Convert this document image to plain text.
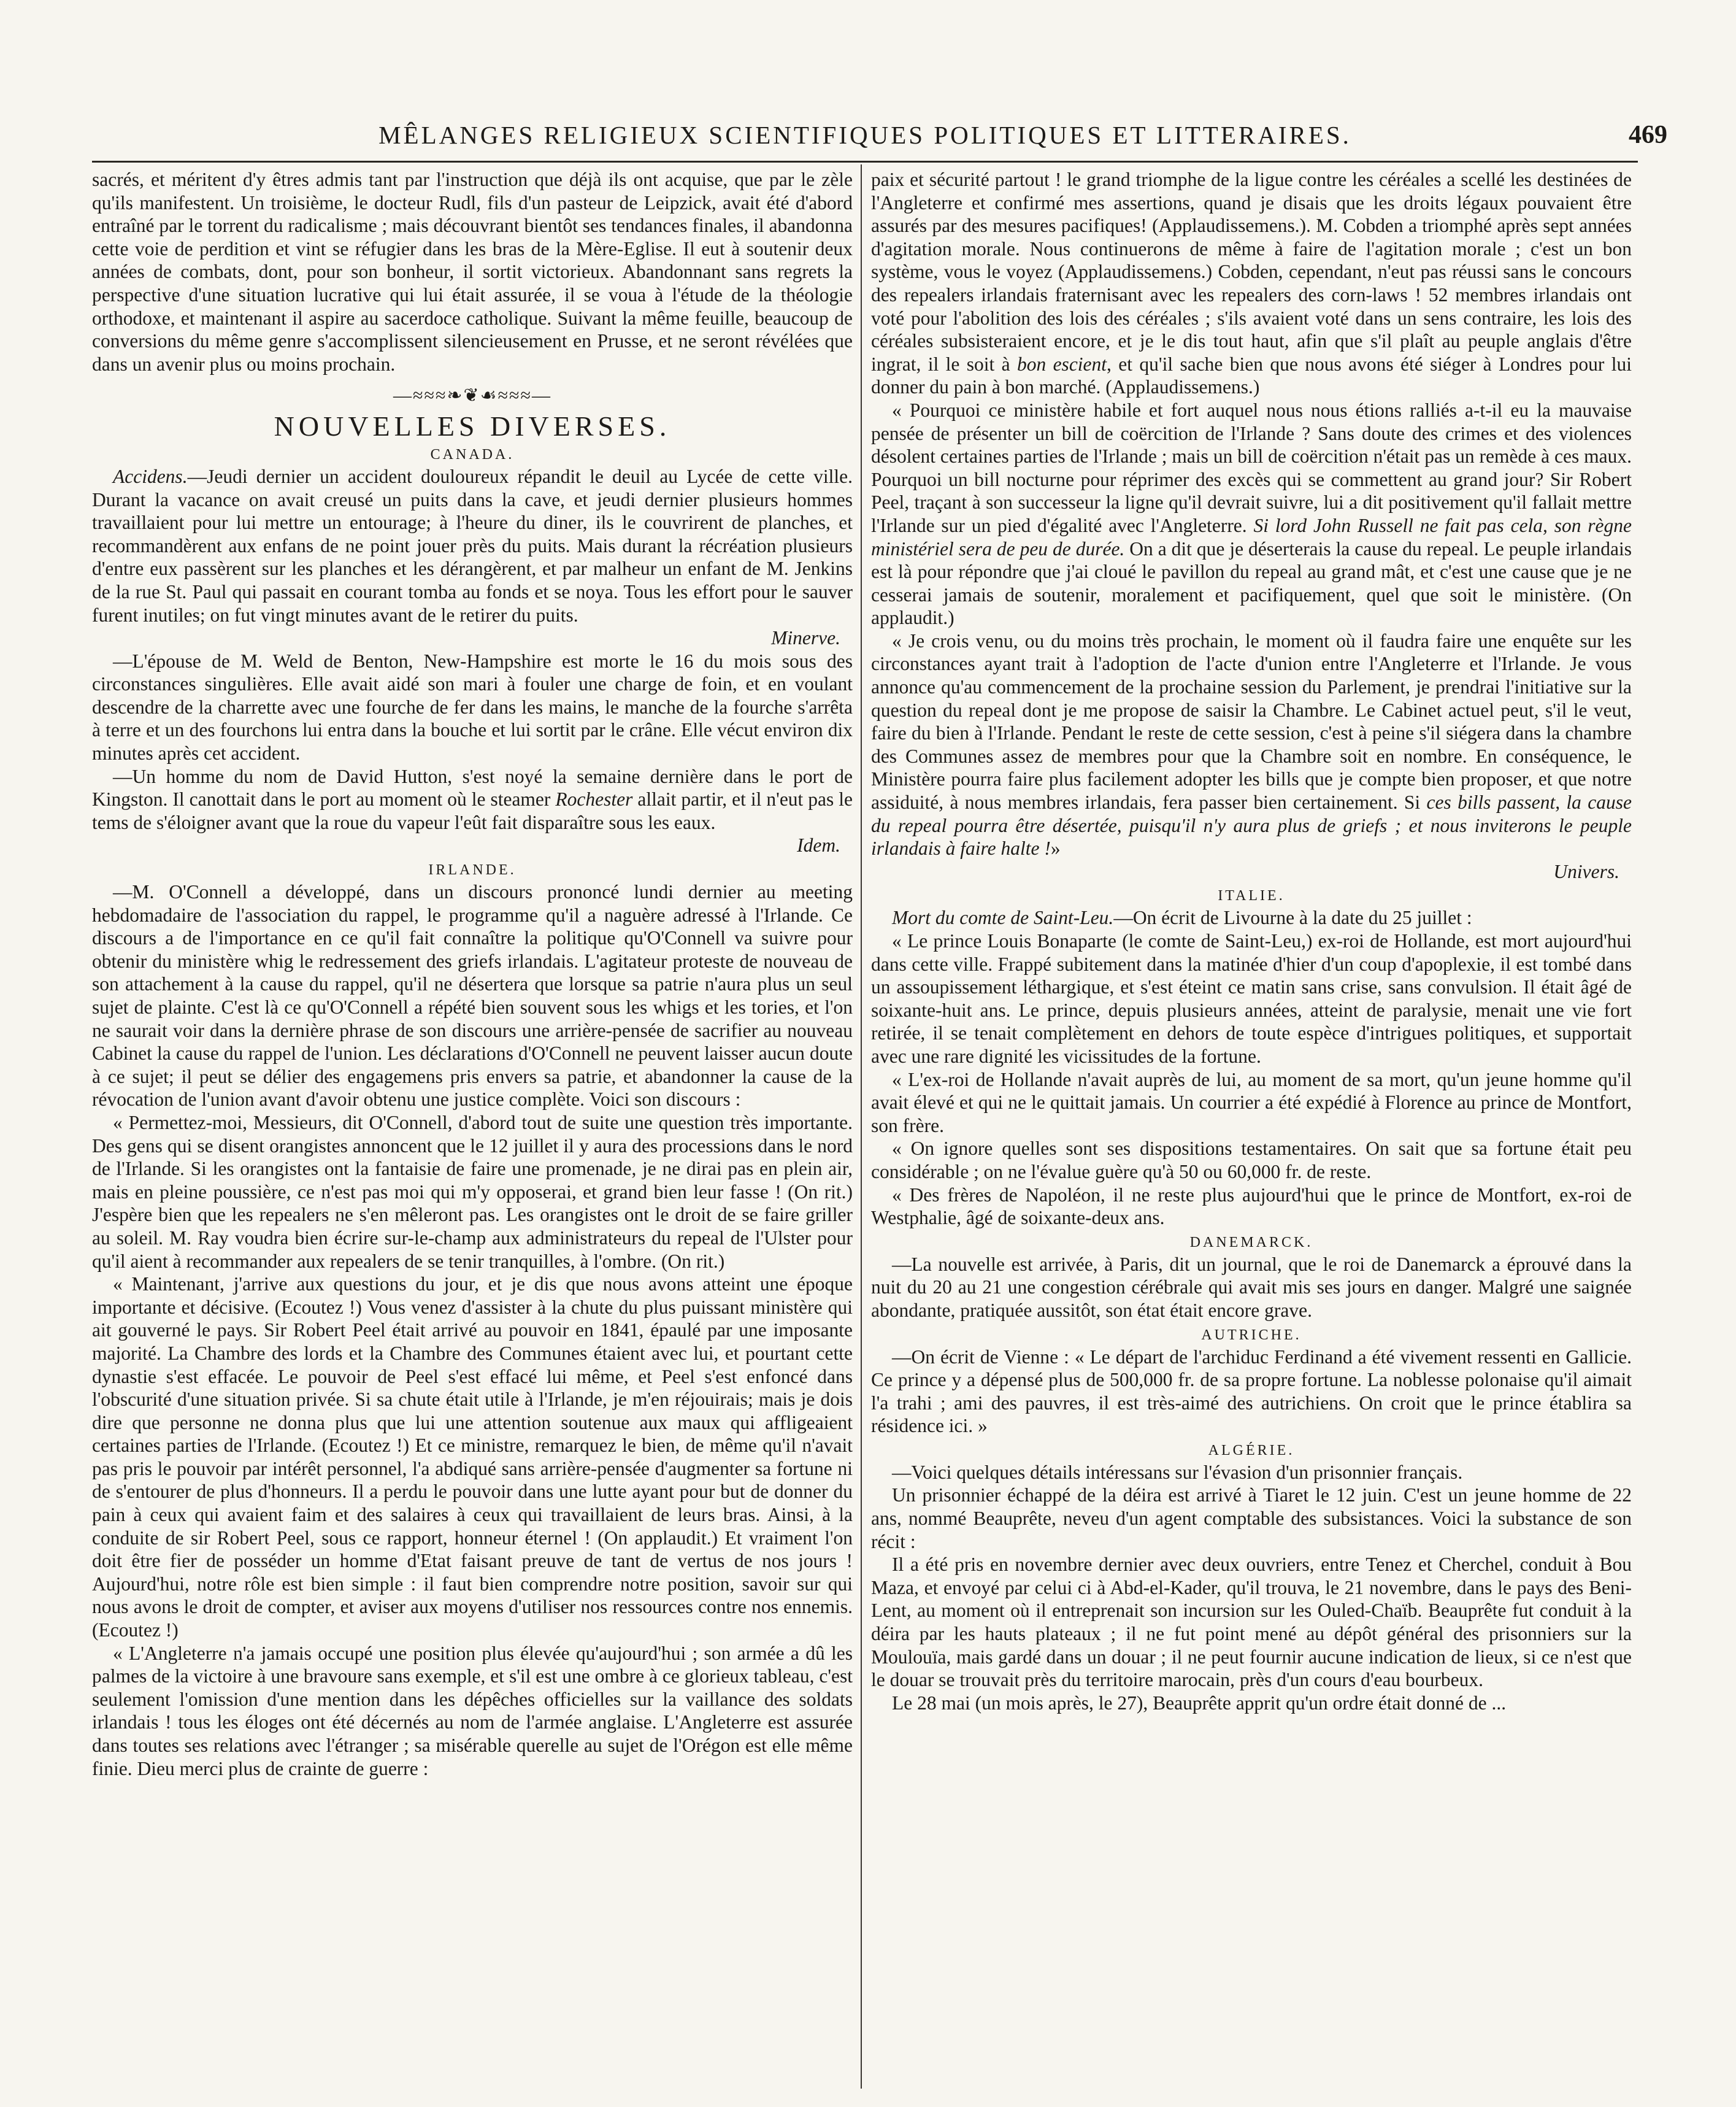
MÊLANGES RELIGIEUX SCIENTIFIQUES POLITIQUES ET LITTERAIRES.	469

sacrés, et méritent d'y êtres admis tant par l'instruction que déjà ils ont acquise, que par le zèle qu'ils manifestent. Un troisième, le docteur Rudl, fils d'un pasteur de Leipzick, avait été d'abord entraîné par le torrent du radicalisme ; mais découvrant bientôt ses tendances finales, il abandonna cette voie de perdition et vint se réfugier dans les bras de la Mère-Eglise. Il eut à soutenir deux années de combats, dont, pour son bonheur, il sortit victorieux. Abandonnant sans regrets la perspective d'une situation lucrative qui lui était assurée, il se voua à l'étude de la théologie orthodoxe, et maintenant il aspire au sacerdoce catholique. Suivant la même feuille, beaucoup de conversions du même genre s'accomplissent silencieusement en Prusse, et ne seront révélées que dans un avenir plus ou moins prochain.

—≈≈≈❧❦☙≈≈≈—
NOUVELLES DIVERSES.
CANADA.

Accidens.—Jeudi dernier un accident douloureux répandit le deuil au Lycée de cette ville. Durant la vacance on avait creusé un puits dans la cave, et jeudi dernier plusieurs hommes travaillaient pour lui mettre un entourage; à l'heure du diner, ils le couvrirent de planches, et recommandèrent aux enfans de ne point jouer près du puits. Mais durant la récréation plusieurs d'entre eux passèrent sur les planches et les dérangèrent, et par malheur un enfant de M. Jenkins de la rue St. Paul qui passait en courant tomba au fonds et se noya. Tous les effort pour le sauver furent inutiles; on fut vingt minutes avant de le retirer du puits.

Minerve.

—L'épouse de M. Weld de Benton, New-Hampshire est morte le 16 du mois sous des circonstances singulières. Elle avait aidé son mari à fouler une charge de foin, et en voulant descendre de la charrette avec une fourche de fer dans les mains, le manche de la fourche s'arrêta à terre et un des fourchons lui entra dans la bouche et lui sortit par le crâne. Elle vécut environ dix minutes après cet accident.

—Un homme du nom de David Hutton, s'est noyé la semaine dernière dans le port de Kingston. Il canottait dans le port au moment où le steamer Rochester allait partir, et il n'eut pas le tems de s'éloigner avant que la roue du vapeur l'eût fait disparaître sous les eaux.

Idem.

IRLANDE.

—M. O'Connell a développé, dans un discours prononcé lundi dernier au meeting hebdomadaire de l'association du rappel, le programme qu'il a naguère adressé à l'Irlande. Ce discours a de l'importance en ce qu'il fait connaître la politique qu'O'Connell va suivre pour obtenir du ministère whig le redressement des griefs irlandais. L'agitateur proteste de nouveau de son attachement à la cause du rappel, qu'il ne désertera que lorsque sa patrie n'aura plus un seul sujet de plainte. C'est là ce qu'O'Connell a répété bien souvent sous les whigs et les tories, et l'on ne saurait voir dans la dernière phrase de son discours une arrière-pensée de sacrifier au nouveau Cabinet la cause du rappel de l'union. Les déclarations d'O'Connell ne peuvent laisser aucun doute à ce sujet; il peut se délier des engagemens pris envers sa patrie, et abandonner la cause de la révocation de l'union avant d'avoir obtenu une justice complète. Voici son discours :

« Permettez-moi, Messieurs, dit O'Connell, d'abord tout de suite une question très importante. Des gens qui se disent orangistes annoncent que le 12 juillet il y aura des processions dans le nord de l'Irlande. Si les orangistes ont la fantaisie de faire une promenade, je ne dirai pas en plein air, mais en pleine poussière, ce n'est pas moi qui m'y opposerai, et grand bien leur fasse ! (On rit.) J'espère bien que les repealers ne s'en mêleront pas. Les orangistes ont le droit de se faire griller au soleil. M. Ray voudra bien écrire sur-le-champ aux administrateurs du repeal de l'Ulster pour qu'il aient à recommander aux repealers de se tenir tranquilles, à l'ombre. (On rit.)

« Maintenant, j'arrive aux questions du jour, et je dis que nous avons atteint une époque importante et décisive. (Ecoutez !) Vous venez d'assister à la chute du plus puissant ministère qui ait gouverné le pays. Sir Robert Peel était arrivé au pouvoir en 1841, épaulé par une imposante majorité. La Chambre des lords et la Chambre des Communes étaient avec lui, et pourtant cette dynastie s'est effacée. Le pouvoir de Peel s'est effacé lui même, et Peel s'est enfoncé dans l'obscurité d'une situation privée. Si sa chute était utile à l'Irlande, je m'en réjouirais; mais je dois dire que personne ne donna plus que lui une attention soutenue aux maux qui affligeaient certaines parties de l'Irlande. (Ecoutez !) Et ce ministre, remarquez le bien, de même qu'il n'avait pas pris le pouvoir par intérêt personnel, l'a abdiqué sans arrière-pensée d'augmenter sa fortune ni de s'entourer de plus d'honneurs. Il a perdu le pouvoir dans une lutte ayant pour but de donner du pain à ceux qui avaient faim et des salaires à ceux qui travaillaient de leurs bras. Ainsi, à la conduite de sir Robert Peel, sous ce rapport, honneur éternel ! (On applaudit.) Et vraiment l'on doit être fier de posséder un homme d'Etat faisant preuve de tant de vertus de nos jours ! Aujourd'hui, notre rôle est bien simple : il faut bien comprendre notre position, savoir sur qui nous avons le droit de compter, et aviser aux moyens d'utiliser nos ressources contre nos ennemis. (Ecoutez !)

« L'Angleterre n'a jamais occupé une position plus élevée qu'aujourd'hui ; son armée a dû les palmes de la victoire à une bravoure sans exemple, et s'il est une ombre à ce glorieux tableau, c'est seulement l'omission d'une mention dans les dépêches officielles sur la vaillance des soldats irlandais ! tous les éloges ont été décernés au nom de l'armée anglaise. L'Angleterre est assurée dans toutes ses relations avec l'étranger ; sa misérable querelle au sujet de l'Orégon est elle même finie. Dieu merci plus de crainte de guerre :

paix et sécurité partout ! le grand triomphe de la ligue contre les céréales a scellé les destinées de l'Angleterre et confirmé mes assertions, quand je disais que les droits légaux pouvaient être assurés par des mesures pacifiques! (Applaudissemens.). M. Cobden a triomphé après sept années d'agitation morale. Nous continuerons de même à faire de l'agitation morale ; c'est un bon système, vous le voyez (Applaudissemens.) Cobden, cependant, n'eut pas réussi sans le concours des repealers irlandais fraternisant avec les repealers des corn-laws ! 52 membres irlandais ont voté pour l'abolition des lois des céréales ; s'ils avaient voté dans un sens contraire, les lois des céréales subsisteraient encore, et je le dis tout haut, afin que s'il plaît au peuple anglais d'être ingrat, il le soit à bon escient, et qu'il sache bien que nous avons été siéger à Londres pour lui donner du pain à bon marché. (Applaudissemens.)

« Pourquoi ce ministère habile et fort auquel nous nous étions ralliés a-t-il eu la mauvaise pensée de présenter un bill de coërcition de l'Irlande ? Sans doute des crimes et des violences désolent certaines parties de l'Irlande ; mais un bill de coërcition n'était pas un remède à ces maux. Pourquoi un bill nocturne pour réprimer des excès qui se commettent au grand jour? Sir Robert Peel, traçant à son successeur la ligne qu'il devrait suivre, lui a dit positivement qu'il fallait mettre l'Irlande sur un pied d'égalité avec l'Angleterre. Si lord John Russell ne fait pas cela, son règne ministériel sera de peu de durée. On a dit que je déserterais la cause du repeal. Le peuple irlandais est là pour répondre que j'ai cloué le pavillon du repeal au grand mât, et c'est une cause que je ne cesserai jamais de soutenir, moralement et pacifiquement, quel que soit le ministère. (On applaudit.)

« Je crois venu, ou du moins très prochain, le moment où il faudra faire une enquête sur les circonstances ayant trait à l'adoption de l'acte d'union entre l'Angleterre et l'Irlande. Je vous annonce qu'au commencement de la prochaine session du Parlement, je prendrai l'initiative sur la question du repeal dont je me propose de saisir la Chambre. Le Cabinet actuel peut, s'il le veut, faire du bien à l'Irlande. Pendant le reste de cette session, c'est à peine s'il siégera dans la chambre des Communes assez de membres pour que la Chambre soit en nombre. En conséquence, le Ministère pourra faire plus facilement adopter les bills que je compte bien proposer, et que notre assiduité, à nous membres irlandais, fera passer bien certainement. Si ces bills passent, la cause du repeal pourra être désertée, puisqu'il n'y aura plus de griefs ; et nous inviterons le peuple irlandais à faire halte !»

Univers.

ITALIE.

Mort du comte de Saint-Leu.—On écrit de Livourne à la date du 25 juillet :

« Le prince Louis Bonaparte (le comte de Saint-Leu,) ex-roi de Hollande, est mort aujourd'hui dans cette ville. Frappé subitement dans la matinée d'hier d'un coup d'apoplexie, il est tombé dans un assoupissement léthargique, et s'est éteint ce matin sans crise, sans convulsion. Il était âgé de soixante-huit ans. Le prince, depuis plusieurs années, atteint de paralysie, menait une vie fort retirée, il se tenait complètement en dehors de toute espèce d'intrigues politiques, et supportait avec une rare dignité les vicissitudes de la fortune.

« L'ex-roi de Hollande n'avait auprès de lui, au moment de sa mort, qu'un jeune homme qu'il avait élevé et qui ne le quittait jamais. Un courrier a été expédié à Florence au prince de Montfort, son frère.

« On ignore quelles sont ses dispositions testamentaires. On sait que sa fortune était peu considérable ; on ne l'évalue guère qu'à 50 ou 60,000 fr. de reste.

« Des frères de Napoléon, il ne reste plus aujourd'hui que le prince de Montfort, ex-roi de Westphalie, âgé de soixante-deux ans.

DANEMARCK.

—La nouvelle est arrivée, à Paris, dit un journal, que le roi de Danemarck a éprouvé dans la nuit du 20 au 21 une congestion cérébrale qui avait mis ses jours en danger. Malgré une saignée abondante, pratiquée aussitôt, son état était encore grave.

AUTRICHE.

—On écrit de Vienne : « Le départ de l'archiduc Ferdinand a été vivement ressenti en Gallicie. Ce prince y a dépensé plus de 500,000 fr. de sa propre fortune. La noblesse polonaise qu'il aimait l'a trahi ; ami des pauvres, il est très-aimé des autrichiens. On croit que le prince établira sa résidence ici. »

ALGÉRIE.

—Voici quelques détails intéressans sur l'évasion d'un prisonnier français.

Un prisonnier échappé de la déira est arrivé à Tiaret le 12 juin. C'est un jeune homme de 22 ans, nommé Beauprête, neveu d'un agent comptable des subsistances. Voici la substance de son récit :

Il a été pris en novembre dernier avec deux ouvriers, entre Tenez et Cherchel, conduit à Bou Maza, et envoyé par celui ci à Abd-el-Kader, qu'il trouva, le 21 novembre, dans le pays des Beni-Lent, au moment où il entreprenait son incursion sur les Ouled-Chaïb. Beauprête fut conduit à la déira par les hauts plateaux ; il ne fut point mené au dépôt général des prisonniers sur la Moulouïa, mais gardé dans un douar ; il ne peut fournir aucune indication de lieux, si ce n'est que le douar se trouvait près du territoire marocain, près d'un cours d'eau bourbeux.

Le 28 mai (un mois après, le 27), Beauprête apprit qu'un ordre était donné de ...
